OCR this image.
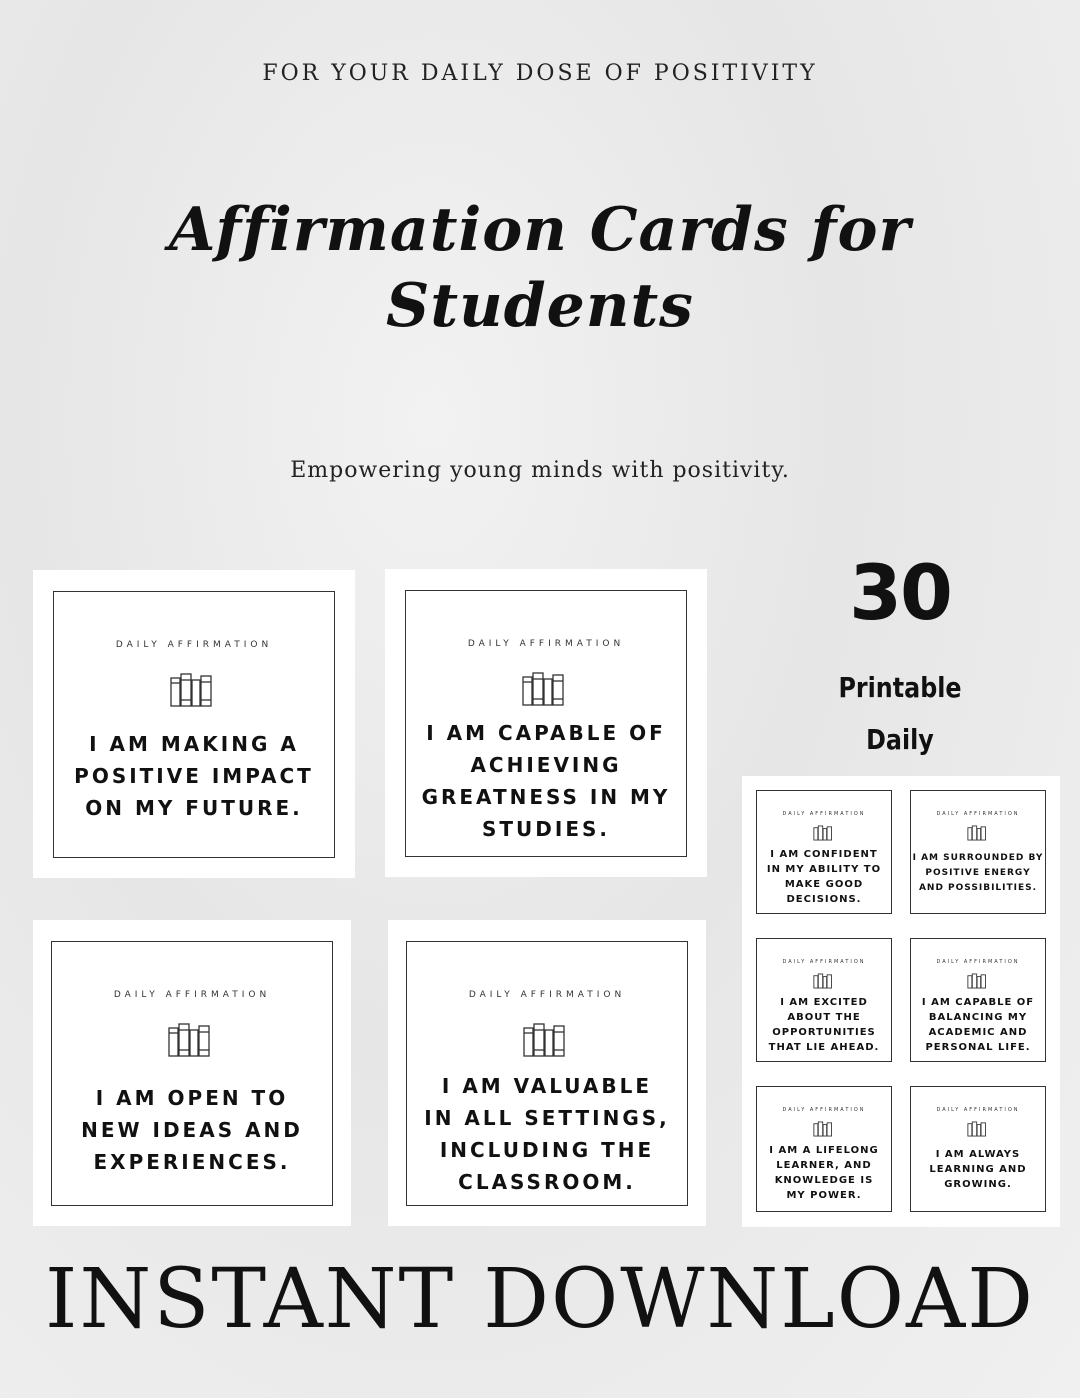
FOR YOUR DAILY DOSE OF POSITIVITY
Affirmation Cards for
Students
Empowering young minds with positivity.
DAILY AFFIRMATION
I AM MAKING A POSITIVE IMPACT ON MY FUTURE.
DAILY AFFIRMATION
I AM CAPABLE OF ACHIEVING GREATNESS IN MY STUDIES.
DAILY AFFIRMATION
I AM OPEN TO NEW IDEAS AND EXPERIENCES.
DAILY AFFIRMATION
I AM VALUABLE IN ALL SETTINGS, INCLUDING THE CLASSROOM.
30
Printable
Daily
DAILY AFFIRMATION
I AM CONFIDENT IN MY ABILITY TO MAKE GOOD DECISIONS.
DAILY AFFIRMATION
I AM SURROUNDED BY POSITIVE ENERGY AND POSSIBILITIES.
DAILY AFFIRMATION
I AM EXCITED ABOUT THE OPPORTUNITIES THAT LIE AHEAD.
DAILY AFFIRMATION
I AM CAPABLE OF BALANCING MY ACADEMIC AND PERSONAL LIFE.
DAILY AFFIRMATION
I AM A LIFELONG LEARNER, AND KNOWLEDGE IS MY POWER.
DAILY AFFIRMATION
I AM ALWAYS LEARNING AND GROWING.
INSTANT DOWNLOAD
